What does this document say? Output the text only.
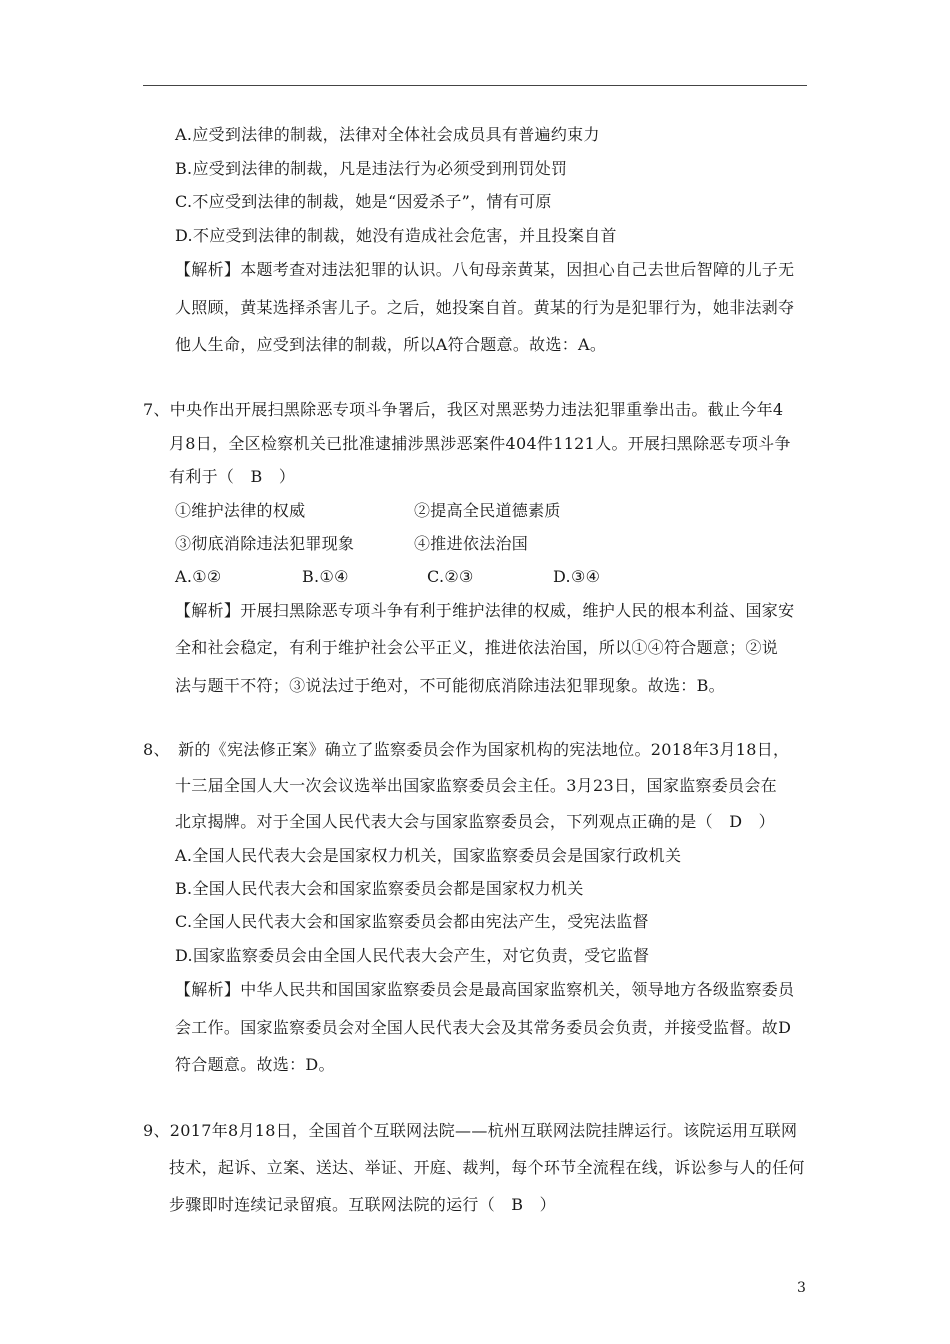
A.应受到法律的制裁，法律对全体社会成员具有普遍约束力
B.应受到法律的制裁，凡是违法行为必须受到刑罚处罚
C.不应受到法律的制裁，她是“因爱杀子”，情有可原
D.不应受到法律的制裁，她没有造成社会危害，并且投案自首
【解析】本题考查对违法犯罪的认识。八旬母亲黄某，因担心自己去世后智障的儿子无
人照顾，黄某选择杀害儿子。之后，她投案自首。黄某的行为是犯罪行为，她非法剥夺
他人生命，应受到法律的制裁，所以A符合题意。故选：A。
7、中央作出开展扫黑除恶专项斗争署后，我区对黑恶势力违法犯罪重拳出击。截止今年4
月8日，全区检察机关已批准逮捕涉黑涉恶案件404件1121人。开展扫黑除恶专项斗争
有利于（　B　）
①维护法律的权威	②提高全民道德素质
③彻底消除违法犯罪现象	④推进依法治国
A.①②	B.①④	C.②③	D.③④
【解析】开展扫黑除恶专项斗争有利于维护法律的权威，维护人民的根本利益、国家安
全和社会稳定，有利于维护社会公平正义，推进依法治国，所以①④符合题意；②说
法与题干不符；③说法过于绝对，不可能彻底消除违法犯罪现象。故选：B。
8、　新的《宪法修正案》确立了监察委员会作为国家机构的宪法地位。2018年3月18日，
十三届全国人大一次会议选举出国家监察委员会主任。3月23日，国家监察委员会在
北京揭牌。对于全国人民代表大会与国家监察委员会，下列观点正确的是（　D　）
A.全国人民代表大会是国家权力机关，国家监察委员会是国家行政机关
B.全国人民代表大会和国家监察委员会都是国家权力机关
C.全国人民代表大会和国家监察委员会都由宪法产生，受宪法监督
D.国家监察委员会由全国人民代表大会产生，对它负责，受它监督
【解析】中华人民共和国国家监察委员会是最高国家监察机关，领导地方各级监察委员
会工作。国家监察委员会对全国人民代表大会及其常务委员会负责，并接受监督。故D
符合题意。故选：D。
9、2017年8月18日，全国首个互联网法院——杭州互联网法院挂牌运行。该院运用互联网
技术，起诉、立案、送达、举证、开庭、裁判，每个环节全流程在线，诉讼参与人的任何
步骤即时连续记录留痕。互联网法院的运行（　B　）
3
